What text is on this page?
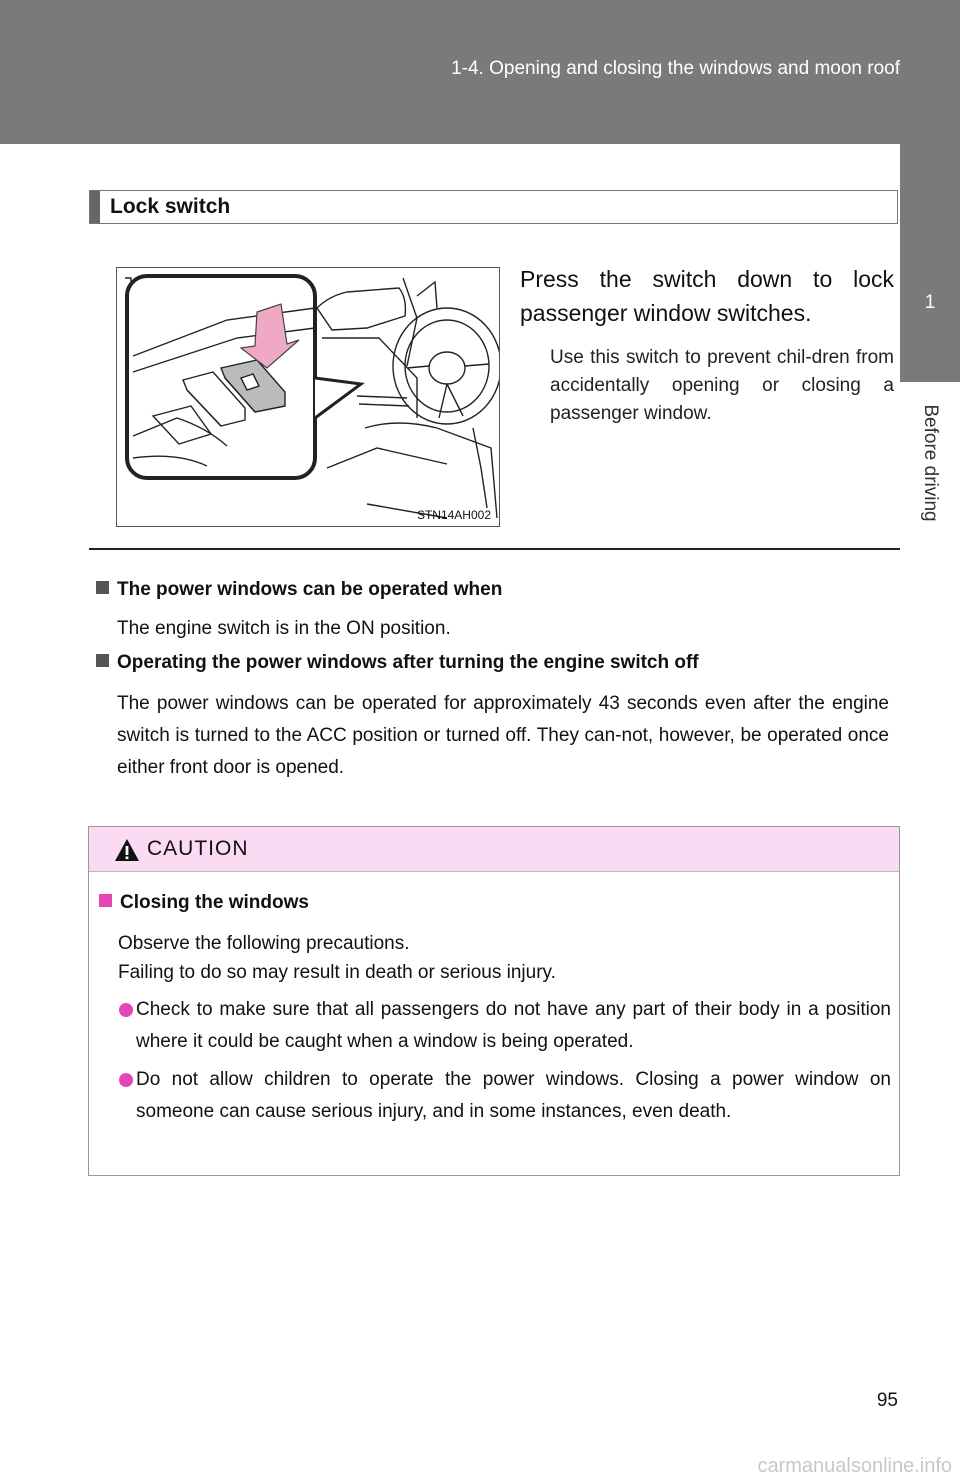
1-4. Opening and closing the windows and moon roof
1
Before driving
Lock switch
STN14AH002
Press the switch down to lock passenger window switches.
Use this switch to prevent chil-dren from accidentally opening or closing a passenger window.
The power windows can be operated when
The engine switch is in the ON position.
Operating the power windows after turning the engine switch off
The power windows can be operated for approximately 43 seconds even after the engine switch is turned to the ACC position or turned off. They can-not, however, be operated once either front door is opened.
CAUTION
Closing the windows
Observe the following precautions.
Failing to do so may result in death or serious injury.
Check to make sure that all passengers do not have any part of their body in a position where it could be caught when a window is being operated.
Do not allow children to operate the power windows. Closing a power window on someone can cause serious injury, and in some instances, even death.
95
carmanualsonline.info
